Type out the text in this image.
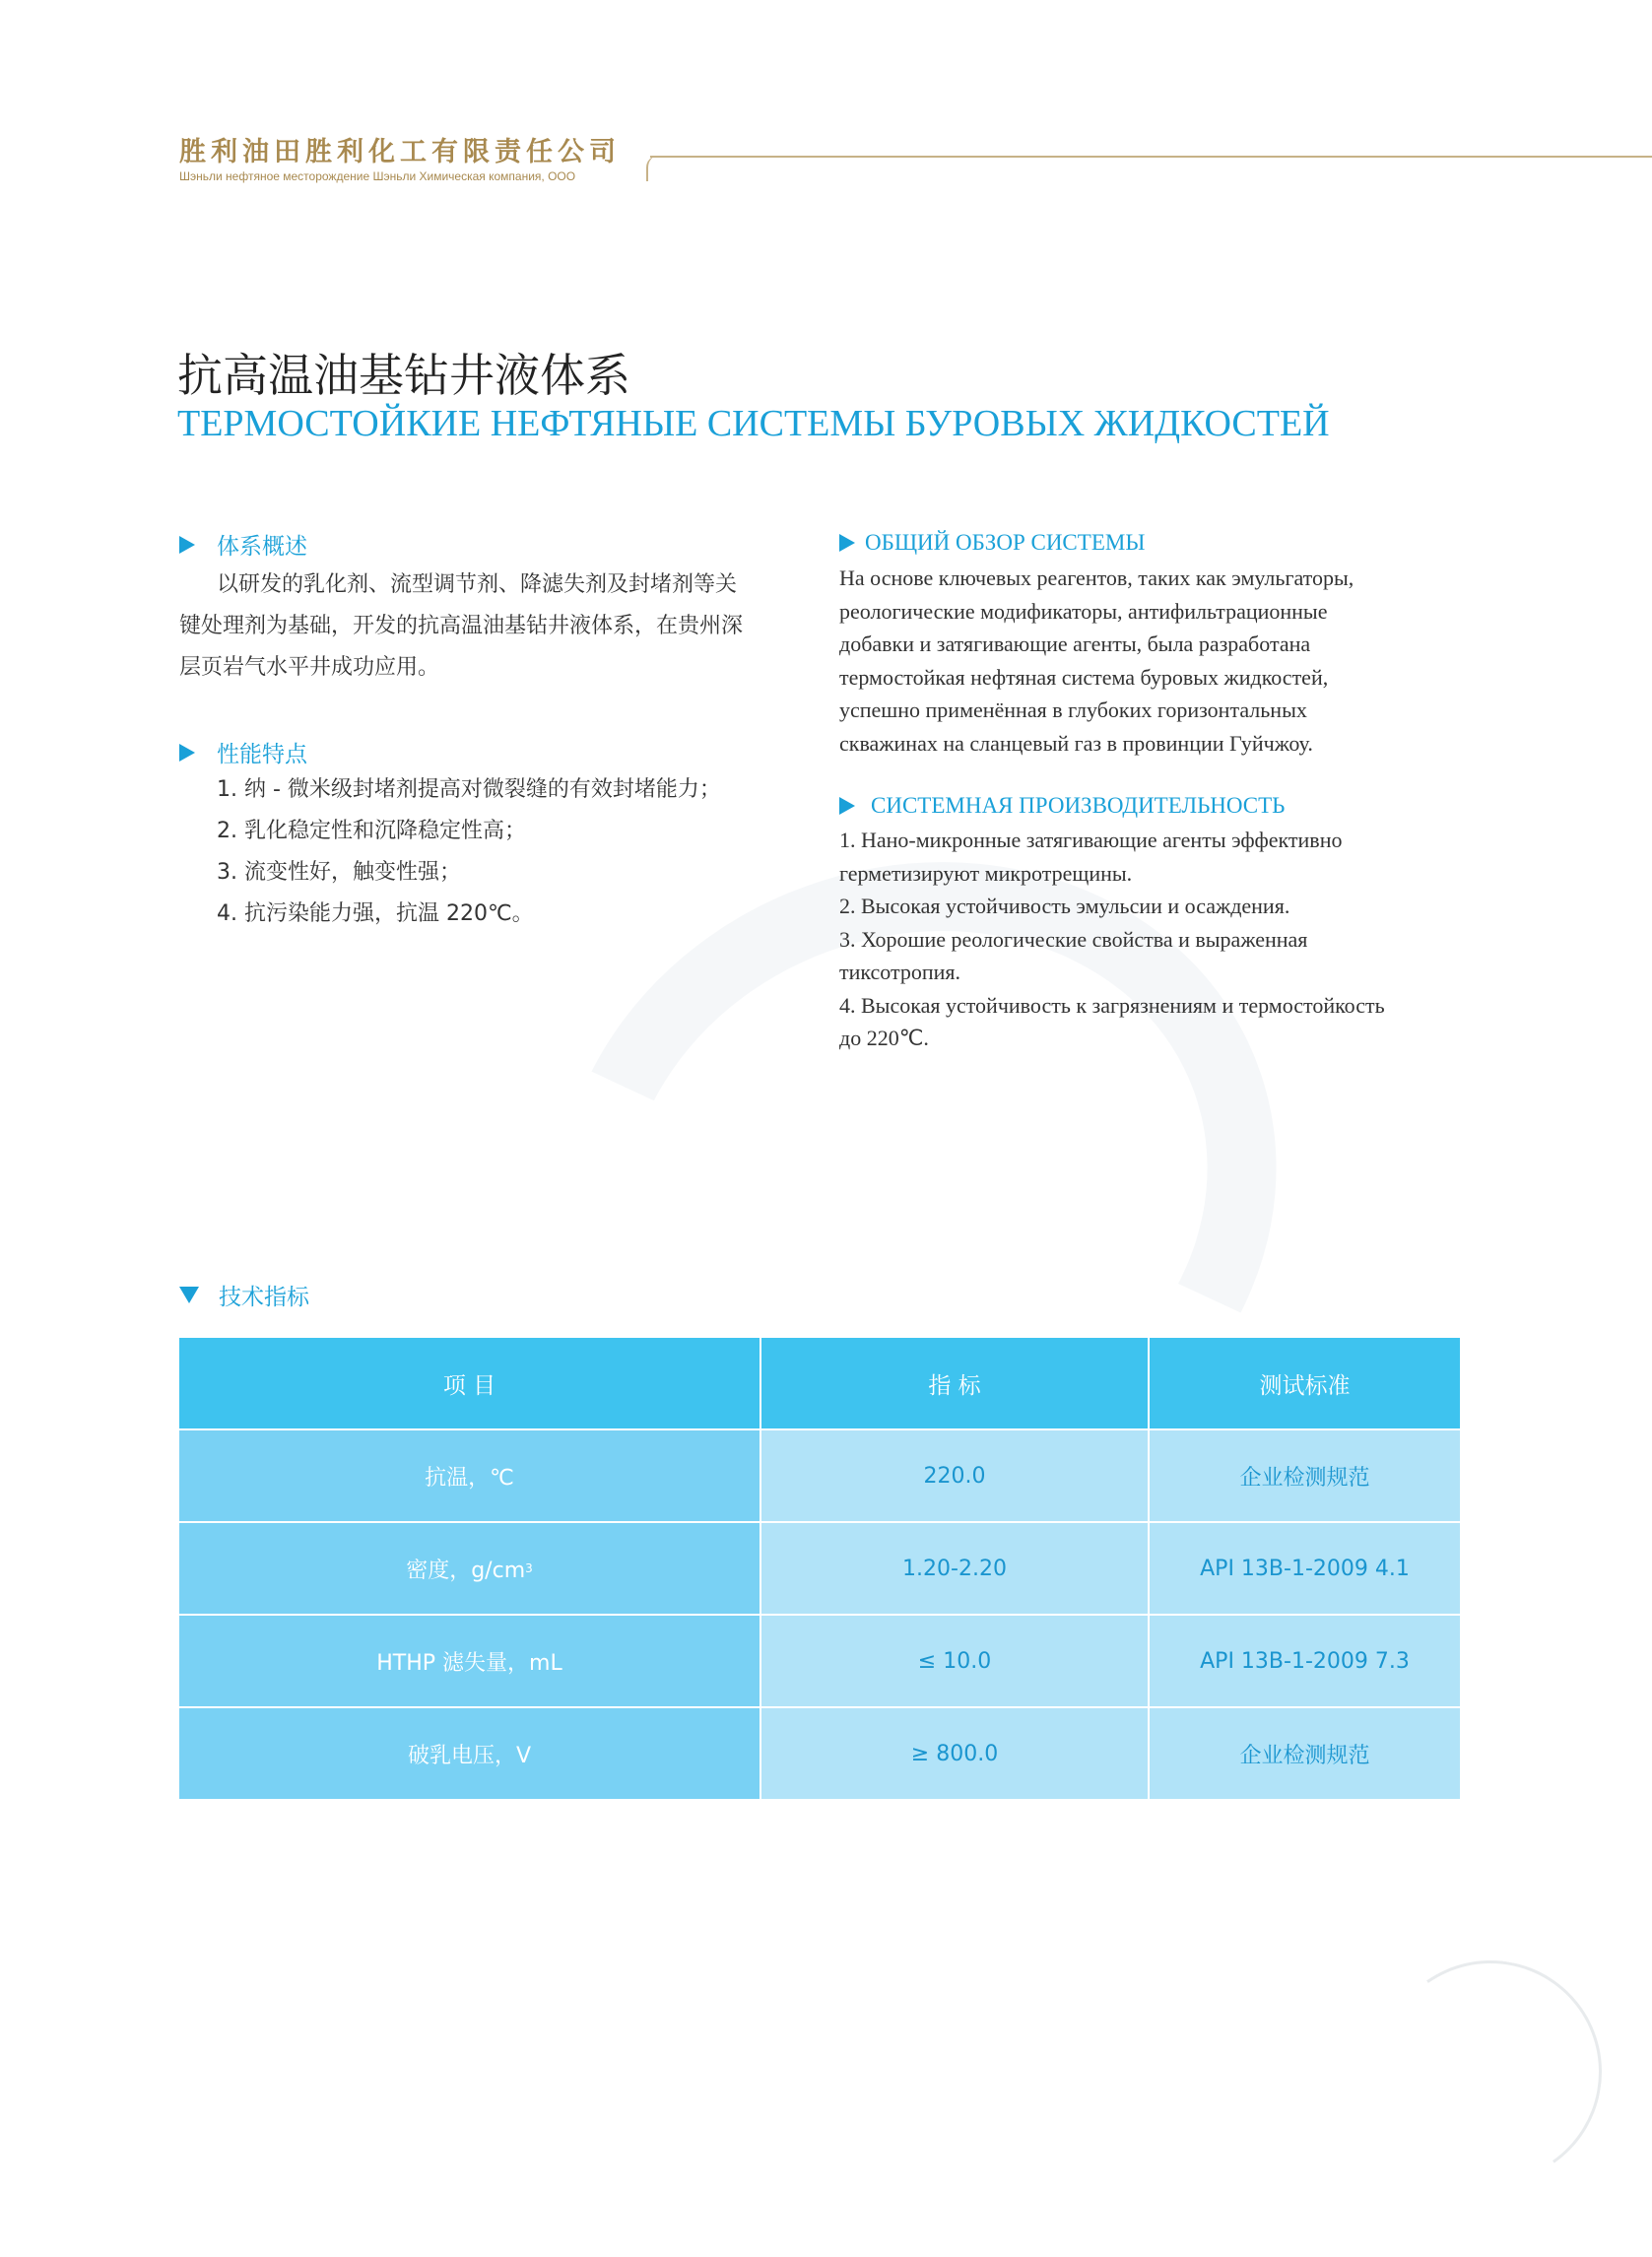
胜利油田胜利化工有限责任公司
Шэньли нефтяное месторождение Шэньли Химическая компания, ООО
抗高温油基钻井液体系
ТЕРМОСТОЙКИЕ НЕФТЯНЫЕ СИСТЕМЫ БУРОВЫХ ЖИДКОСТЕЙ
体系概述
以研发的乳化剂、流型调节剂、降滤失剂及封堵剂等关
键处理剂为基础，开发的抗高温油基钻井液体系，在贵州深
层页岩气水平井成功应用。
性能特点
1. 纳 - 微米级封堵剂提高对微裂缝的有效封堵能力；
2. 乳化稳定性和沉降稳定性高；
3. 流变性好，触变性强；
4. 抗污染能力强，抗温 220℃。
ОБЩИЙ ОБЗОР СИСТЕМЫ
На основе ключевых реагентов, таких как эмульгаторы,
реологические модификаторы, антифильтрационные
добавки и затягивающие агенты, была разработана
термостойкая нефтяная система буровых жидкостей,
успешно применённая в глубоких горизонтальных
скважинах на сланцевый газ в провинции Гуйчжоу.
СИСТЕМНАЯ ПРОИЗВОДИТЕЛЬНОСТЬ
1. Нано-микронные затягивающие агенты эффективно
герметизируют микротрещины.
2. Высокая устойчивость эмульсии и осаждения.
3. Хорошие реологические свойства и выраженная
тиксотропия.
4. Высокая устойчивость к загрязнениям и термостойкость
до 220℃.
技术指标
项 目	指 标	测试标准
抗温，℃	220.0	企业检测规范
密度，g/cm 3	1.20-2.20	API 13B-1-2009 4.1
HTHP 滤失量，mL	≤ 10.0	API 13B-1-2009 7.3
破乳电压，V	≥ 800.0	企业检测规范
